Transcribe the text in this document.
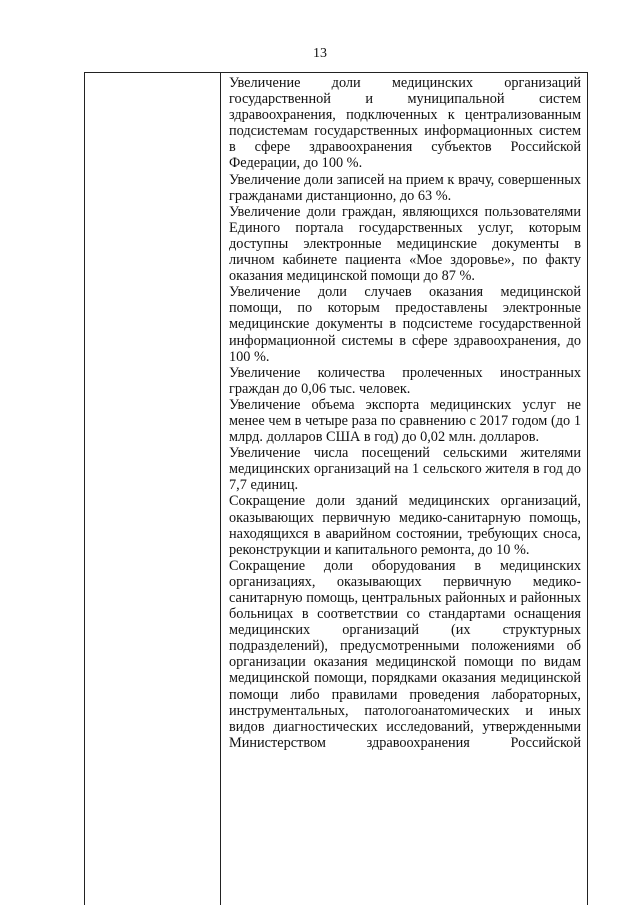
13

Увеличение доли медицинских организаций государственной и муниципальной систем здравоохранения, подключенных к централизованным подсистемам государственных информационных систем в сфере здравоохранения субъектов Российской Федерации, до 100 %.

Увеличение доли записей на прием к врачу, совершенных гражданами дистанционно, до 63 %.

Увеличение доли граждан, являющихся пользователями Единого портала государственных услуг, которым доступны электронные медицинские документы в личном кабинете пациента «Мое здоровье», по факту оказания медицинской помощи до 87 %.

Увеличение доли случаев оказания медицинской помощи, по которым предоставлены электронные медицинские документы в подсистеме государственной информационной системы в сфере здравоохранения, до 100 %.

Увеличение количества пролеченных иностранных граждан до 0,06 тыс. человек.

Увеличение объема экспорта медицинских услуг не менее чем в четыре раза по сравнению с 2017 годом (до 1 млрд. долларов США в год) до 0,02 млн. долларов.

Увеличение числа посещений сельскими жителями медицинских организаций на 1 сельского жителя в год до 7,7 единиц.

Сокращение доли зданий медицинских организаций, оказывающих первичную медико-санитарную помощь, находящихся в аварийном состоянии, требующих сноса, реконструкции и капитального ремонта, до 10 %.

Сокращение доли оборудования в медицинских организациях, оказывающих первичную медико-санитарную помощь, центральных районных и районных больницах в соответствии со стандартами оснащения медицинских организаций (их структурных подразделений), предусмотренными положениями об организации оказания медицинской помощи по видам медицинской помощи, порядками оказания медицинской помощи либо правилами проведения лабораторных, инструментальных, патологоанатомических и иных видов диагностических исследований, утвержденными Министерством здравоохранения Российской
